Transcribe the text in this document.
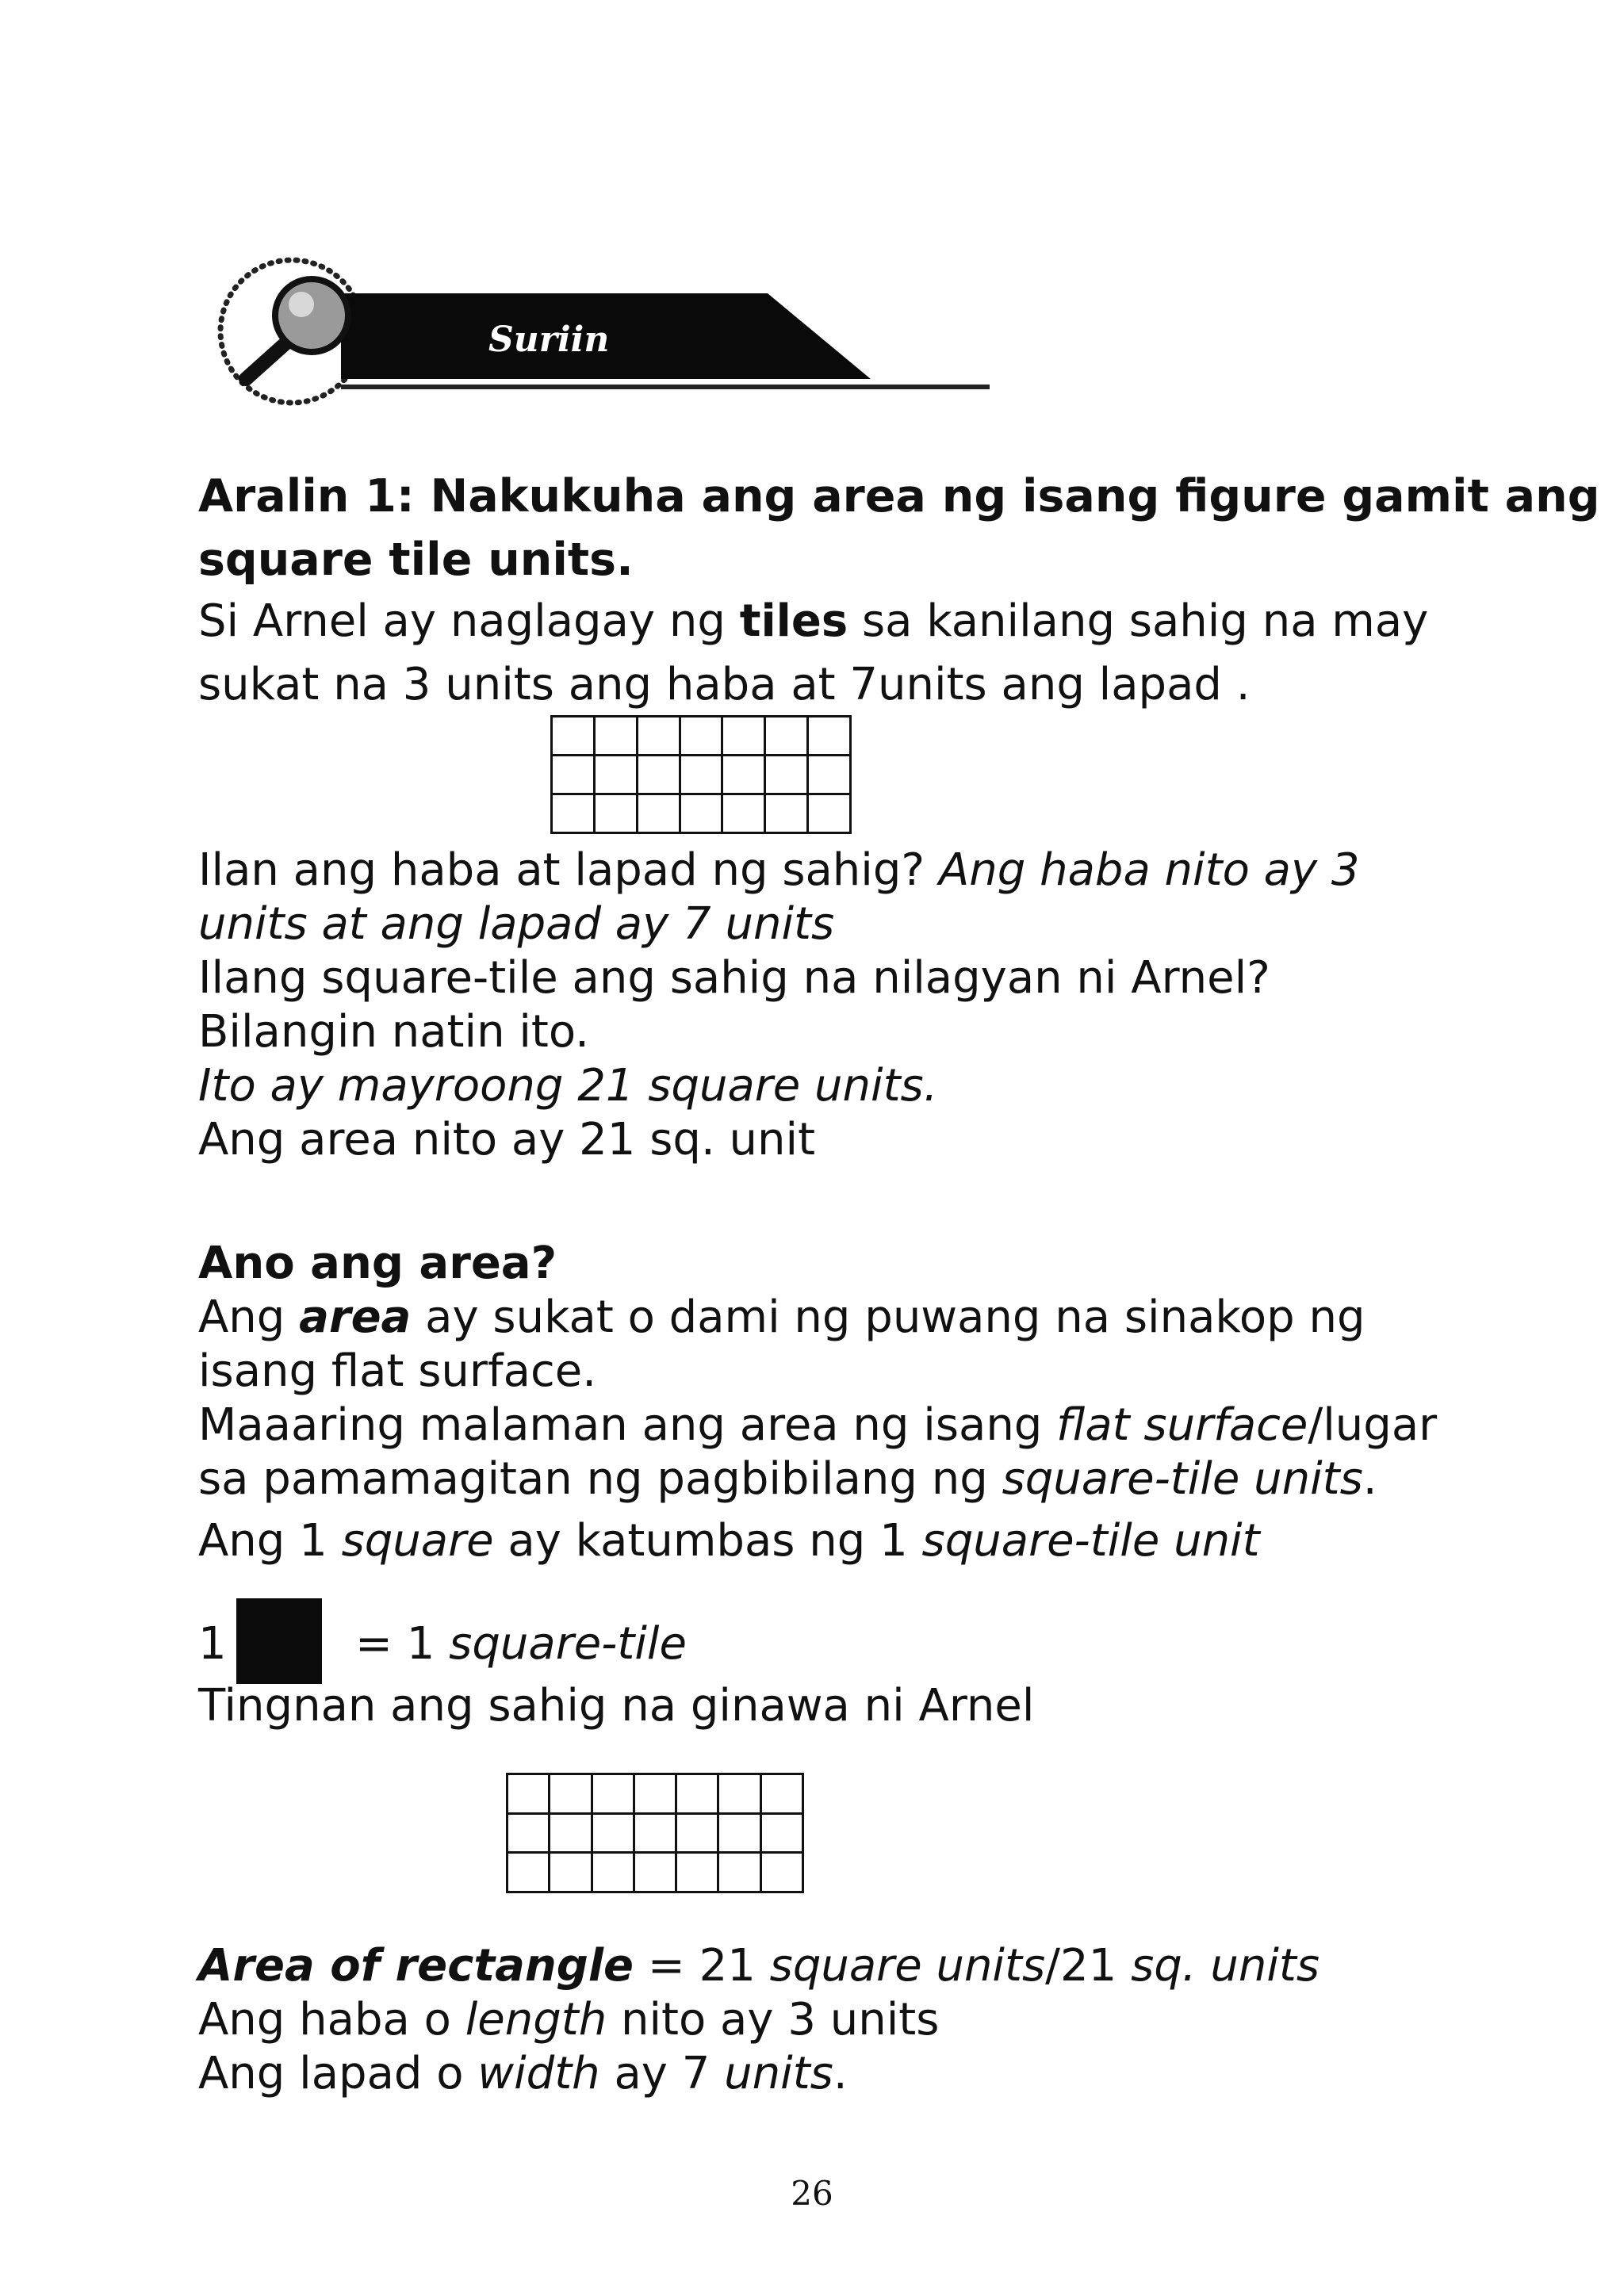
Suriin
Aralin 1: Nakukuha ang area ng isang figure gamit ang
square tile units.
Si Arnel ay naglagay ng tiles sa kanilang sahig na may
sukat na 3 units ang haba at 7units ang lapad .
Ilan ang haba at lapad ng sahig? Ang haba nito ay 3
units at ang lapad ay 7 units
Ilang square-tile ang sahig na nilagyan ni Arnel?
Bilangin natin ito.
Ito ay mayroong 21 square units.
Ang area nito ay 21 sq. unit
Ano ang area?
Ang area ay sukat o dami ng puwang na sinakop ng
isang flat surface.
Maaaring malaman ang area ng isang flat surface/lugar
sa pamamagitan ng pagbibilang ng square-tile units.
Ang 1 square ay katumbas ng 1 square-tile unit
1	= 1 square-tile
Tingnan ang sahig na ginawa ni Arnel
Area of rectangle = 21 square units/21 sq. units
Ang haba o length nito ay 3 units
Ang lapad o width ay 7 units.
26
